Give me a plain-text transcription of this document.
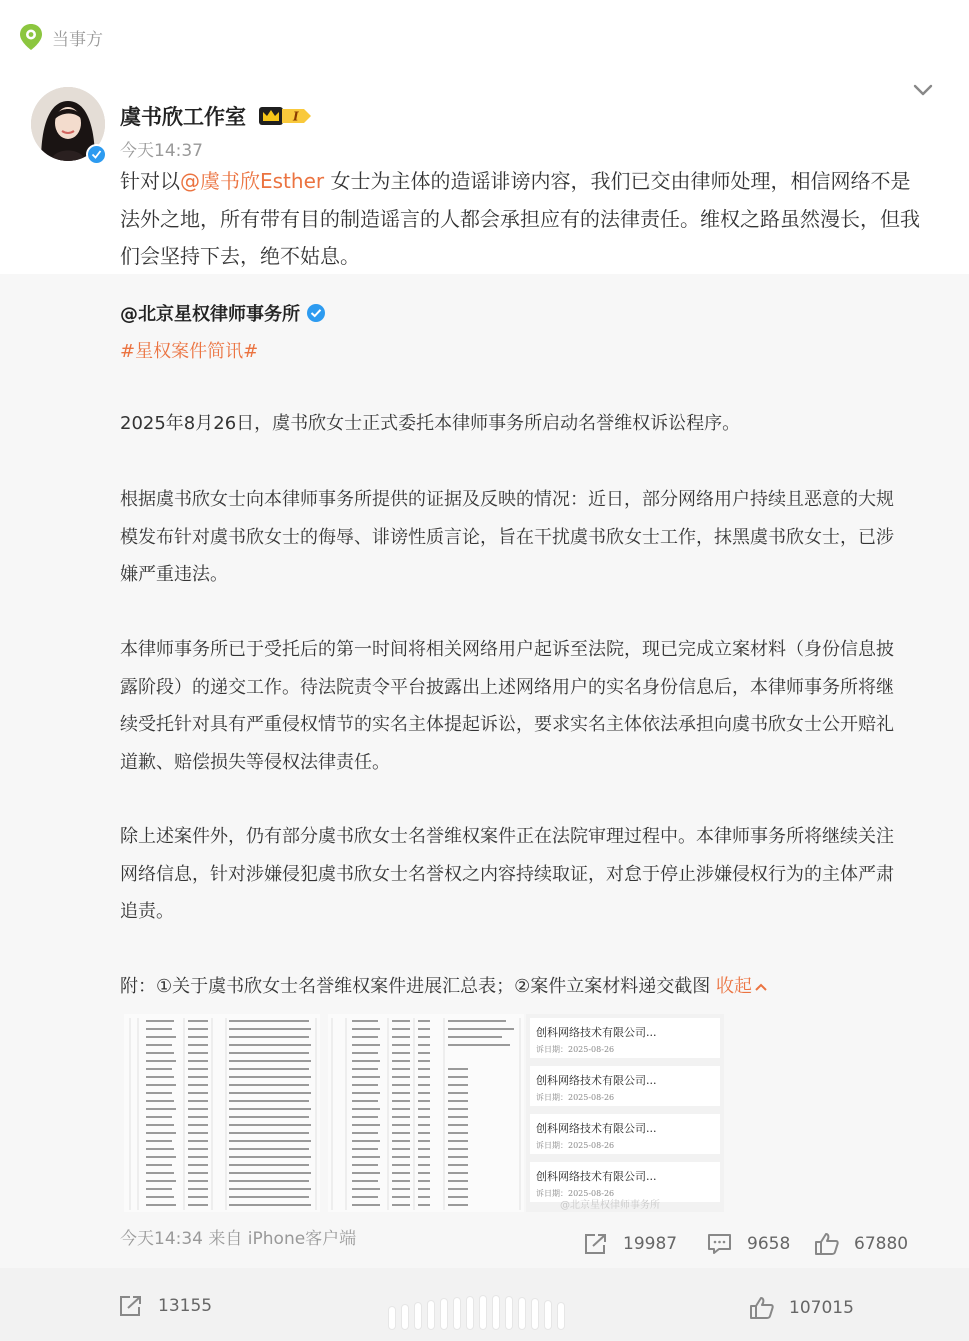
当事方
虞书欣工作室	I
今天14:37
针对以@虞书欣Esther 女士为主体的造谣诽谤内容，我们已交由律师处理，相信网络不是法外之地，所有带有目的制造谣言的人都会承担应有的法律责任。维权之路虽然漫长，但我们会坚持下去，绝不姑息。
@北京星权律师事务所
#星权案件简讯#
2025年8月26日，虞书欣女士正式委托本律师事务所启动名誉维权诉讼程序。
根据虞书欣女士向本律师事务所提供的证据及反映的情况：近日，部分网络用户持续且恶意的大规模发布针对虞书欣女士的侮辱、诽谤性质言论，旨在干扰虞书欣女士工作，抹黑虞书欣女士，已涉嫌严重违法。
本律师事务所已于受托后的第一时间将相关网络用户起诉至法院，现已完成立案材料（身份信息披露阶段）的递交工作。待法院责令平台披露出上述网络用户的实名身份信息后，本律师事务所将继续受托针对具有严重侵权情节的实名主体提起诉讼，要求实名主体依法承担向虞书欣女士公开赔礼道歉、赔偿损失等侵权法律责任。
除上述案件外，仍有部分虞书欣女士名誉维权案件正在法院审理过程中。本律师事务所将继续关注网络信息，针对涉嫌侵犯虞书欣女士名誉权之内容持续取证，对怠于停止涉嫌侵权行为的主体严肃追责。
附：①关于虞书欣女士名誉维权案件进展汇总表；②案件立案材料递交截图 收起
创科网络技术有限公司...
诉日期：2025-08-26
创科网络技术有限公司...
诉日期：2025-08-26
创科网络技术有限公司...
诉日期：2025-08-26
创科网络技术有限公司...
诉日期：2025-08-26
@北京星权律师事务所
今天14:34 来自 iPhone客户端	19987	9658	67880
13155	107015
